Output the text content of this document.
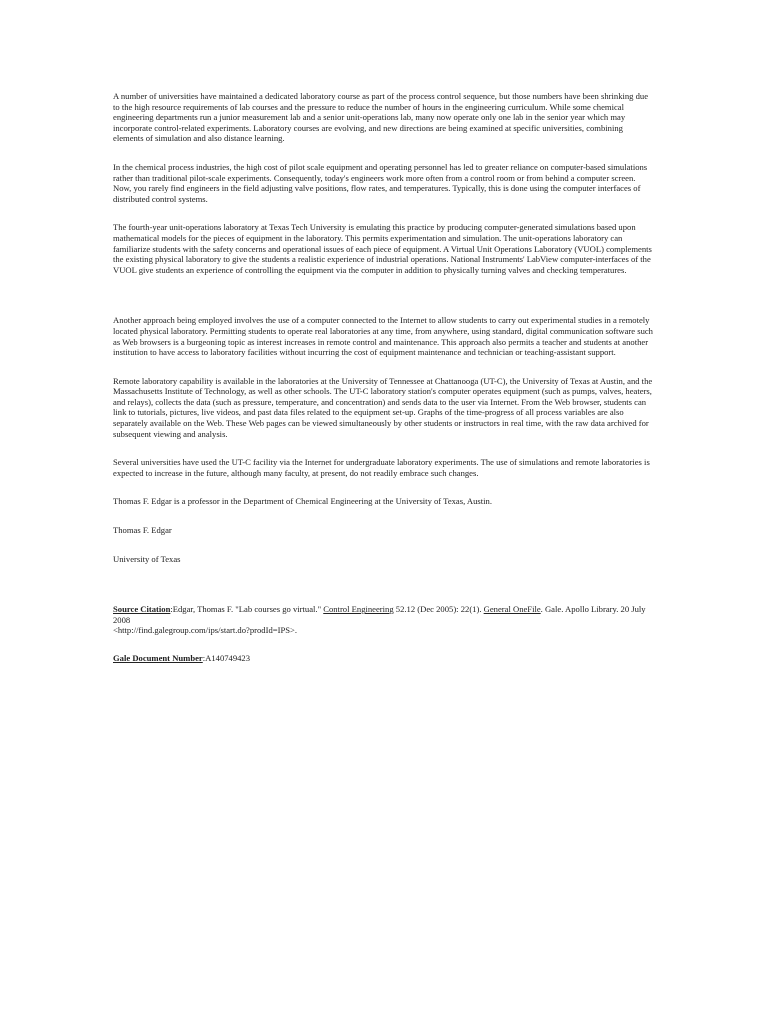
A number of universities have maintained a dedicated laboratory course as part of the process control sequence, but those numbers have been shrinking due to the high resource requirements of lab courses and the pressure to reduce the number of hours in the engineering curriculum. While some chemical engineering departments run a junior measurement lab and a senior unit-operations lab, many now operate only one lab in the senior year which may incorporate control-related experiments. Laboratory courses are evolving, and new directions are being examined at specific universities, combining elements of simulation and also distance learning.

In the chemical process industries, the high cost of pilot scale equipment and operating personnel has led to greater reliance on computer-based simulations rather than traditional pilot-scale experiments. Consequently, today's engineers work more often from a control room or from behind a computer screen. Now, you rarely find engineers in the field adjusting valve positions, flow rates, and temperatures. Typically, this is done using the computer interfaces of distributed control systems.

The fourth-year unit-operations laboratory at Texas Tech University is emulating this practice by producing computer-generated simulations based upon mathematical models for the pieces of equipment in the laboratory. This permits experimentation and simulation. The unit-operations laboratory can familiarize students with the safety concerns and operational issues of each piece of equipment. A Virtual Unit Operations Laboratory (VUOL) complements the existing physical laboratory to give the students a realistic experience of industrial operations. National Instruments' LabView computer-interfaces of the VUOL give students an experience of controlling the equipment via the computer in addition to physically turning valves and checking temperatures.

Another approach being employed involves the use of a computer connected to the Internet to allow students to carry out experimental studies in a remotely located physical laboratory. Permitting students to operate real laboratories at any time, from anywhere, using standard, digital communication software such as Web browsers is a burgeoning topic as interest increases in remote control and maintenance. This approach also permits a teacher and students at another institution to have access to laboratory facilities without incurring the cost of equipment maintenance and technician or teaching-assistant support.

Remote laboratory capability is available in the laboratories at the University of Tennessee at Chattanooga (UT-C), the University of Texas at Austin, and the Massachusetts Institute of Technology, as well as other schools. The UT-C laboratory station's computer operates equipment (such as pumps, valves, heaters, and relays), collects the data (such as pressure, temperature, and concentration) and sends data to the user via Internet. From the Web browser, students can link to tutorials, pictures, live videos, and past data files related to the equipment set-up. Graphs of the time-progress of all process variables are also separately available on the Web. These Web pages can be viewed simultaneously by other students or instructors in real time, with the raw data archived for subsequent viewing and analysis.

Several universities have used the UT-C facility via the Internet for undergraduate laboratory experiments. The use of simulations and remote laboratories is expected to increase in the future, although many faculty, at present, do not readily embrace such changes.

Thomas F. Edgar is a professor in the Department of Chemical Engineering at the University of Texas, Austin.

Thomas F. Edgar

University of Texas

Source Citation:Edgar, Thomas F. "Lab courses go virtual." Control Engineering 52.12 (Dec 2005): 22(1). General OneFile. Gale. Apollo Library. 20 July 2008
<http://find.galegroup.com/ips/start.do?prodId=IPS>.

Gale Document Number:A140749423
